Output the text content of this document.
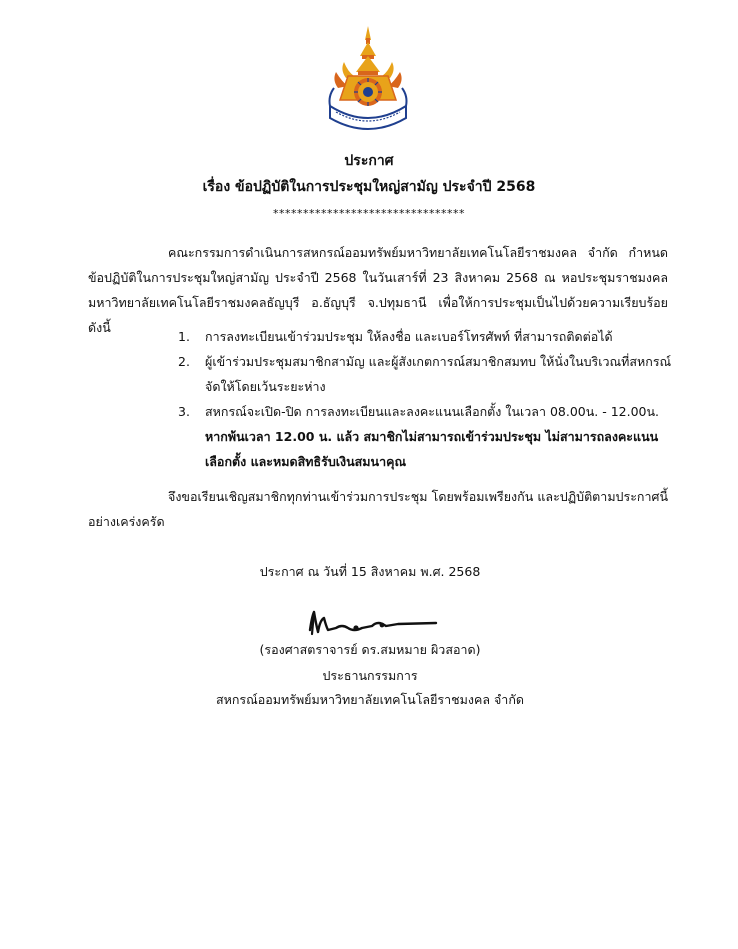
ประกาศ
เรื่อง ข้อปฏิบัติในการประชุมใหญ่สามัญ ประจำปี 2568
********************************
คณะกรรมการดำเนินการสหกรณ์ออมทรัพย์มหาวิทยาลัยเทคโนโลยีราชมงคล จำกัด กำหนดข้อปฏิบัติในการประชุมใหญ่สามัญ ประจำปี 2568 ในวันเสาร์ที่ 23 สิงหาคม 2568 ณ หอประชุมราชมงคล มหาวิทยาลัยเทคโนโลยีราชมงคลธัญบุรี อ.ธัญบุรี จ.ปทุมธานี เพื่อให้การประชุมเป็นไปด้วยความเรียบร้อย ดังนี้
1. การลงทะเบียนเข้าร่วมประชุม ให้ลงชื่อ และเบอร์โทรศัพท์ ที่สามารถติดต่อได้
2. ผู้เข้าร่วมประชุมสมาชิกสามัญ และผู้สังเกตการณ์สมาชิกสมทบ ให้นั่งในบริเวณที่สหกรณ์จัดให้โดยเว้นระยะห่าง
3. สหกรณ์จะเปิด-ปิด การลงทะเบียนและลงคะแนนเลือกตั้ง ในเวลา 08.00น. - 12.00น.
หากพ้นเวลา 12.00 น. แล้ว สมาชิกไม่สามารถเข้าร่วมประชุม ไม่สามารถลงคะแนนเลือกตั้ง และหมดสิทธิรับเงินสมนาคุณ
จึงขอเรียนเชิญสมาชิกทุกท่านเข้าร่วมการประชุม โดยพร้อมเพรียงกัน และปฏิบัติตามประกาศนี้อย่างเคร่งครัด
ประกาศ ณ วันที่ 15 สิงหาคม พ.ศ. 2568
(รองศาสตราจารย์ ดร.สมหมาย ผิวสอาด)
ประธานกรรมการ
สหกรณ์ออมทรัพย์มหาวิทยาลัยเทคโนโลยีราชมงคล จำกัด
